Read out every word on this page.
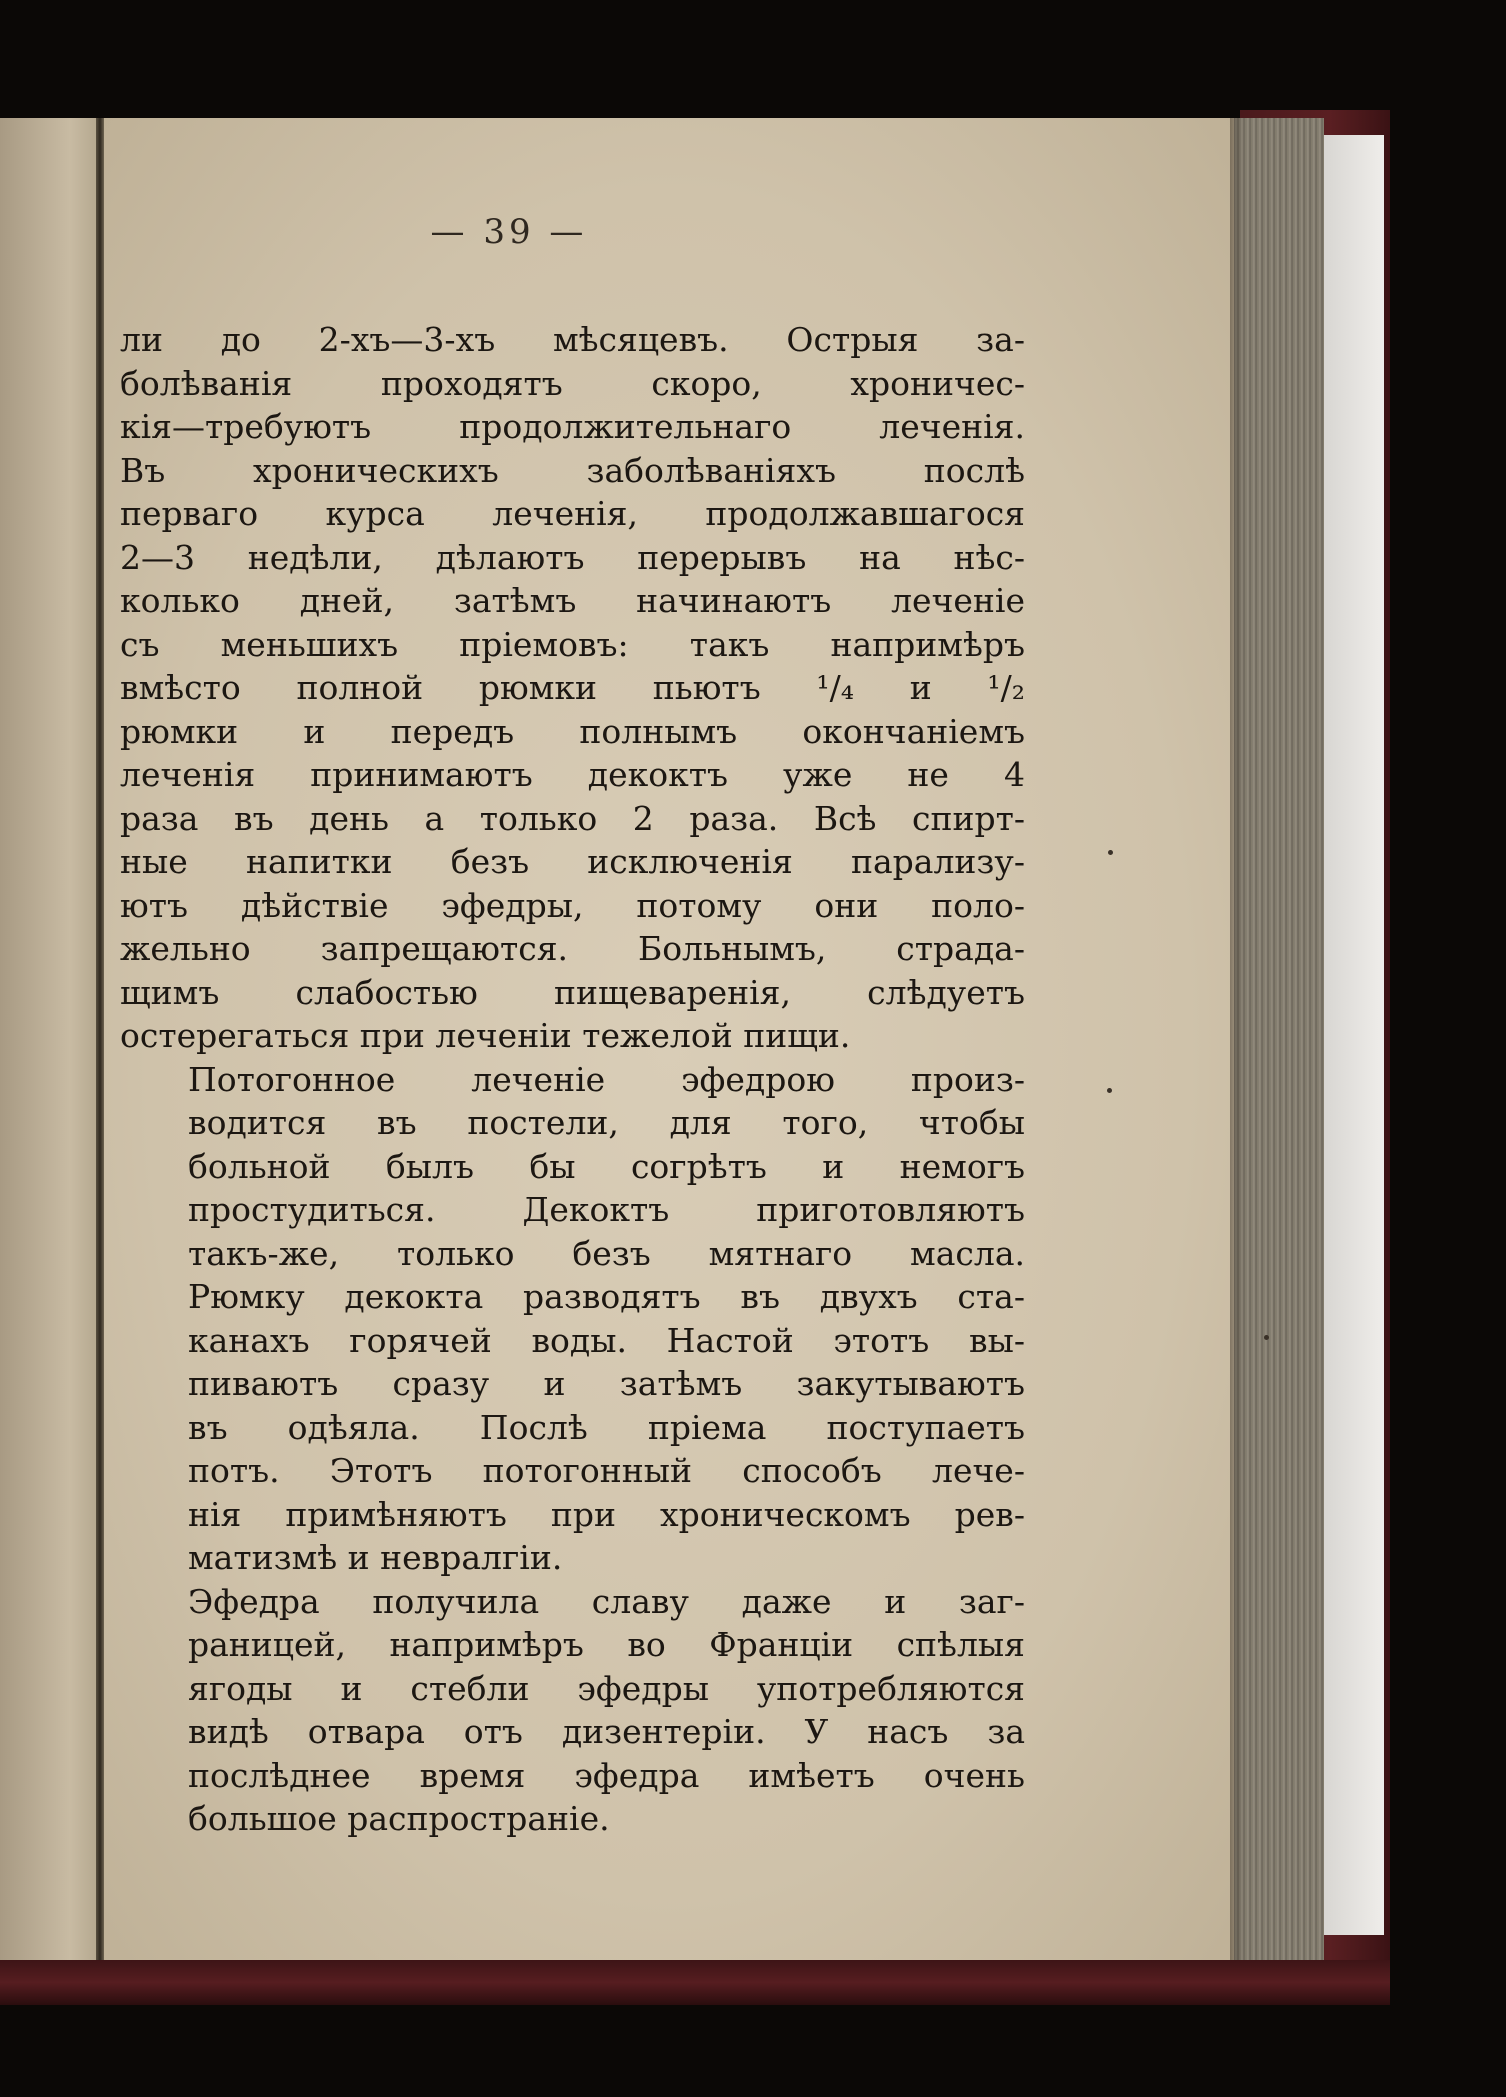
— 39 —

ли до 2-хъ—3-хъ мѣсяцевъ. Острыя за-
болѣванія проходятъ скоро, хроничес-
кія—требуютъ продолжительнаго леченія.
Въ хроническихъ заболѣваніяхъ послѣ
перваго курса леченія, продолжавшагося
2—3 недѣли, дѣлаютъ перерывъ на нѣс-
колько дней, затѣмъ начинаютъ леченіе
съ меньшихъ пріемовъ: такъ напримѣръ
вмѣсто полной рюмки пьютъ ¹/₄ и ¹/₂
рюмки и передъ полнымъ окончаніемъ
леченія принимаютъ декоктъ уже не 4
раза въ день а только 2 раза. Всѣ спирт-
ные напитки безъ исключенія парализу-
ютъ дѣйствіе эфедры, потому они поло-
жельно запрещаются. Больнымъ, страда-
щимъ слабостью пищеваренія, слѣдуетъ
остерегаться при леченіи тежелой пищи.

Потогонное леченіе эфедрою произ-
водится въ постели, для того, чтобы
больной былъ бы согрѣтъ и немогъ
простудиться. Декоктъ приготовляютъ
такъ-же, только безъ мятнаго масла.
Рюмку декокта разводятъ въ двухъ ста-
канахъ горячей воды. Настой этотъ вы-
пиваютъ сразу и затѣмъ закутываютъ
въ одѣяла. Послѣ пріема поступаетъ
потъ. Этотъ потогонный способъ лече-
нія примѣняютъ при хроническомъ рев-
матизмѣ и невралгіи.

Эфедра получила славу даже и заг-
раницей, напримѣръ во Франціи спѣлыя
ягоды и стебли эфедры употребляются
видѣ отвара отъ дизентеріи. У насъ за
послѣднее время эфедра имѣетъ очень
большое распространіе.
